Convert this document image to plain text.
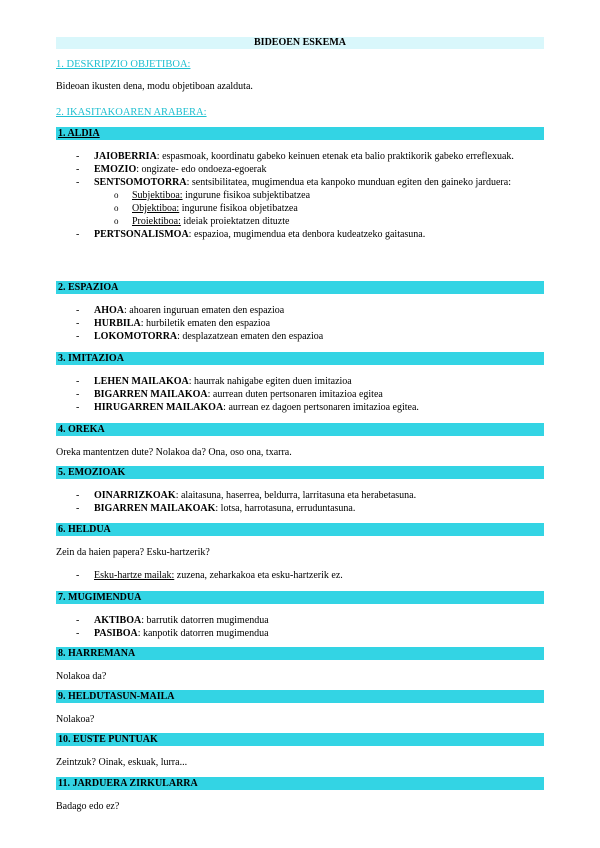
BIDEOEN ESKEMA
1. DESKRIPZIO OBJETIBOA:
Bideoan ikusten dena, modu objetiboan azalduta.
2. IKASITAKOAREN ARABERA:
1. ALDIA
- JAIOBERRIA: espasmoak, koordinatu gabeko keinuen etenak eta balio praktikorik gabeko erreflexuak.
- EMOZIO: ongizate- edo ondoeza-egoerak
- SENTSOMOTORRA: sentsibilitatea, mugimendua eta kanpoko munduan egiten den gaineko jarduera:
o Subjektiboa: ingurune fisikoa subjektibatzea
o Objektiboa: ingurune fisikoa objetibatzea
o Proiektiboa: ideiak proiektatzen dituzte
- PERTSONALISMOA: espazioa, mugimendua eta denbora kudeatzeko gaitasuna.
2. ESPAZIOA
- AHOA: ahoaren inguruan ematen den espazioa
- HURBILA: hurbiletik ematen den espazioa
- LOKOMOTORRA: desplazatzean ematen den espazioa
3. IMITAZIOA
- LEHEN MAILAKOA: haurrak nahigabe egiten duen imitazioa
- BIGARREN MAILAKOA: aurrean duten pertsonaren imitazioa egitea
- HIRUGARREN MAILAKOA: aurrean ez dagoen pertsonaren imitazioa egitea.
4. OREKA
Oreka mantentzen dute? Nolakoa da? Ona, oso ona, txarra.
5. EMOZIOAK
- OINARRIZKOAK: alaitasuna, haserrea, beldurra, larritasuna eta herabetasuna.
- BIGARREN MAILAKOAK: lotsa, harrotasuna, erruduntasuna.
6. HELDUA
Zein da haien papera? Esku-hartzerik?
- Esku-hartze mailak: zuzena, zeharkakoa eta esku-hartzerik ez.
7. MUGIMENDUA
- AKTIBOA: barrutik datorren mugimendua
- PASIBOA: kanpotik datorren mugimendua
8. HARREMANA
Nolakoa da?
9. HELDUTASUN-MAILA
Nolakoa?
10. EUSTE PUNTUAK
Zeintzuk? Oinak, eskuak, lurra...
11. JARDUERA ZIRKULARRA
Badago edo ez?
